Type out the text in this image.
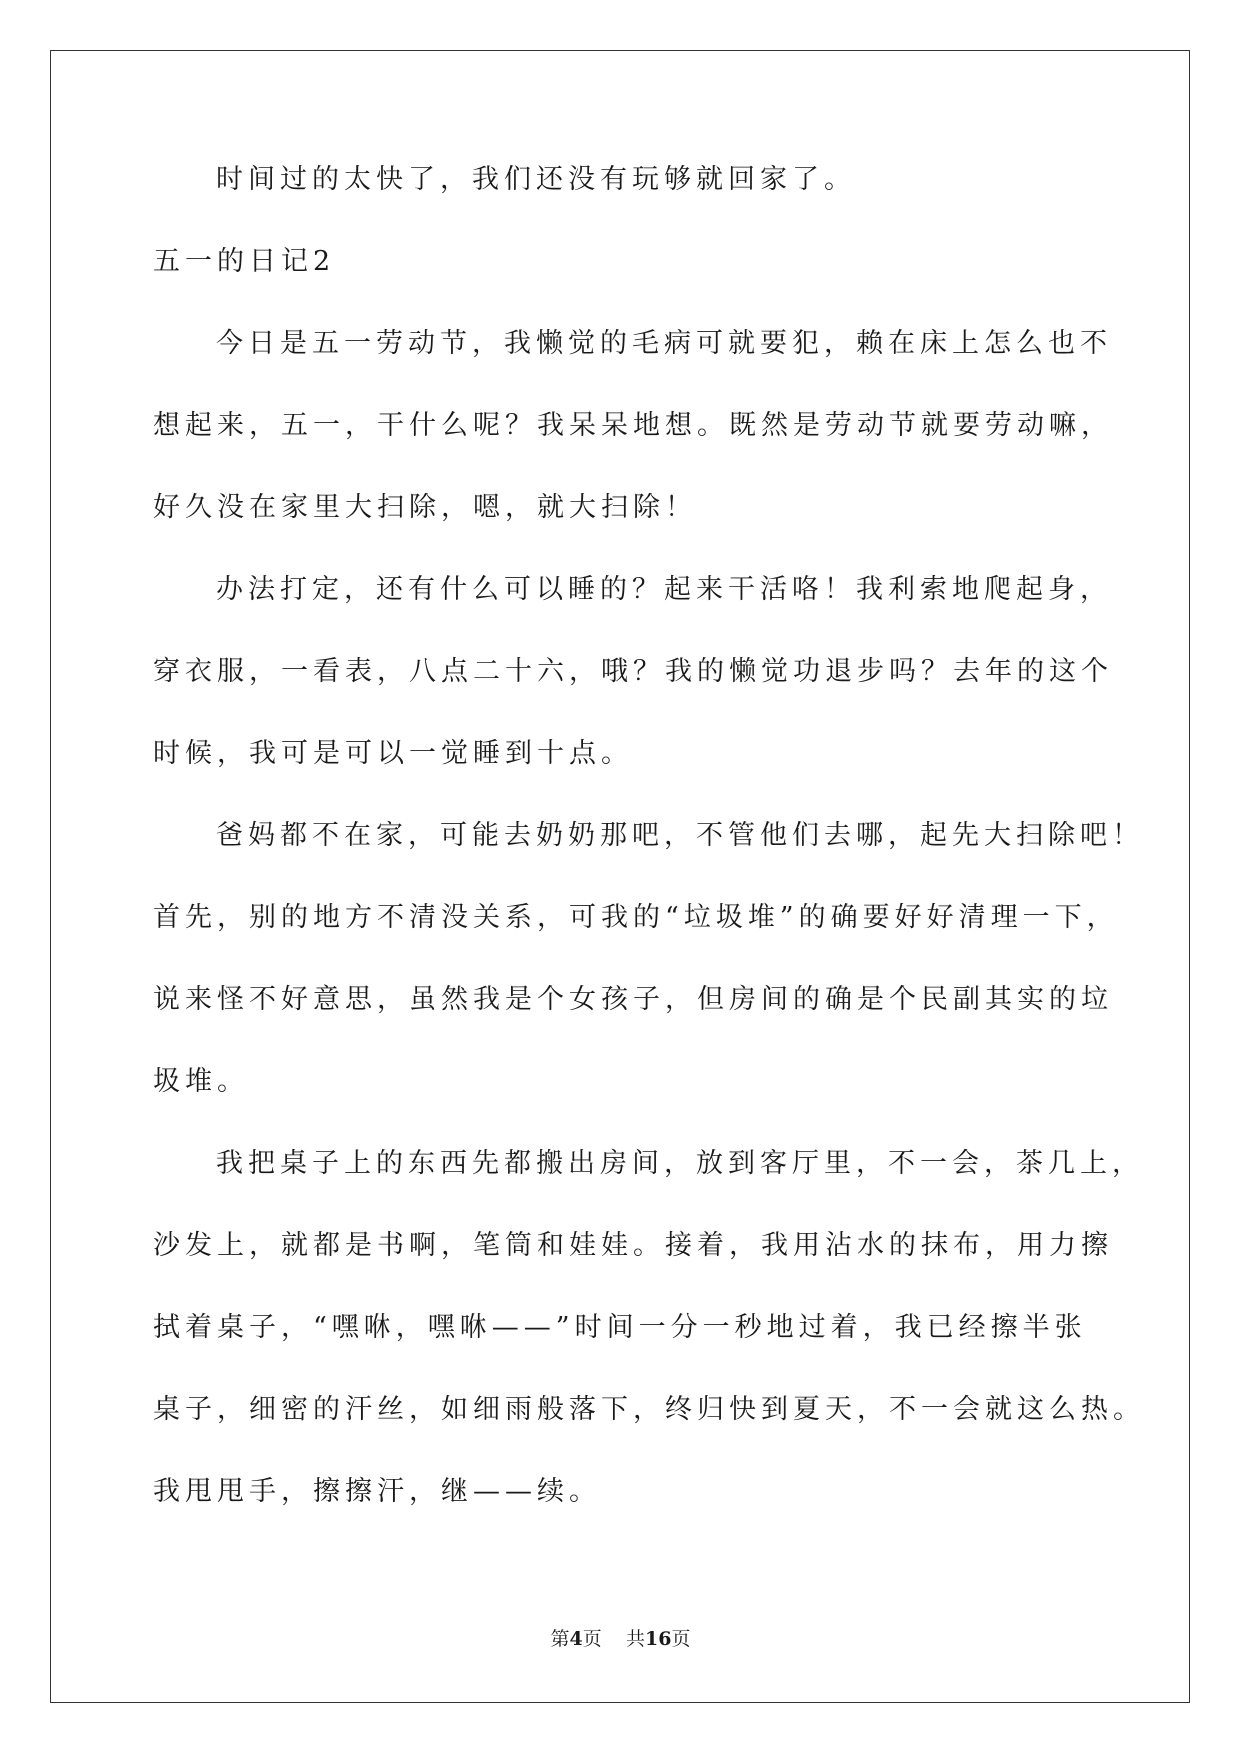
时间过的太快了，我们还没有玩够就回家了。
五一的日记2
今日是五一劳动节，我懒觉的毛病可就要犯，赖在床上怎么也不
想起来，五一，干什么呢？我呆呆地想。既然是劳动节就要劳动嘛，
好久没在家里大扫除，嗯，就大扫除！
办法打定，还有什么可以睡的？起来干活咯！我利索地爬起身，
穿衣服，一看表，八点二十六，哦？我的懒觉功退步吗？去年的这个
时候，我可是可以一觉睡到十点。
爸妈都不在家，可能去奶奶那吧，不管他们去哪，起先大扫除吧！
首先，别的地方不清没关系，可我的“垃圾堆”的确要好好清理一下，
说来怪不好意思，虽然我是个女孩子，但房间的确是个民副其实的垃
圾堆。
我把桌子上的东西先都搬出房间，放到客厅里，不一会，茶几上，
沙发上，就都是书啊，笔筒和娃娃。接着，我用沾水的抹布，用力擦
拭着桌子，“嘿咻，嘿咻——”时间一分一秒地过着，我已经擦半张
桌子，细密的汗丝，如细雨般落下，终归快到夏天，不一会就这么热。
我甩甩手，擦擦汗，继——续。
第4页 共16页
